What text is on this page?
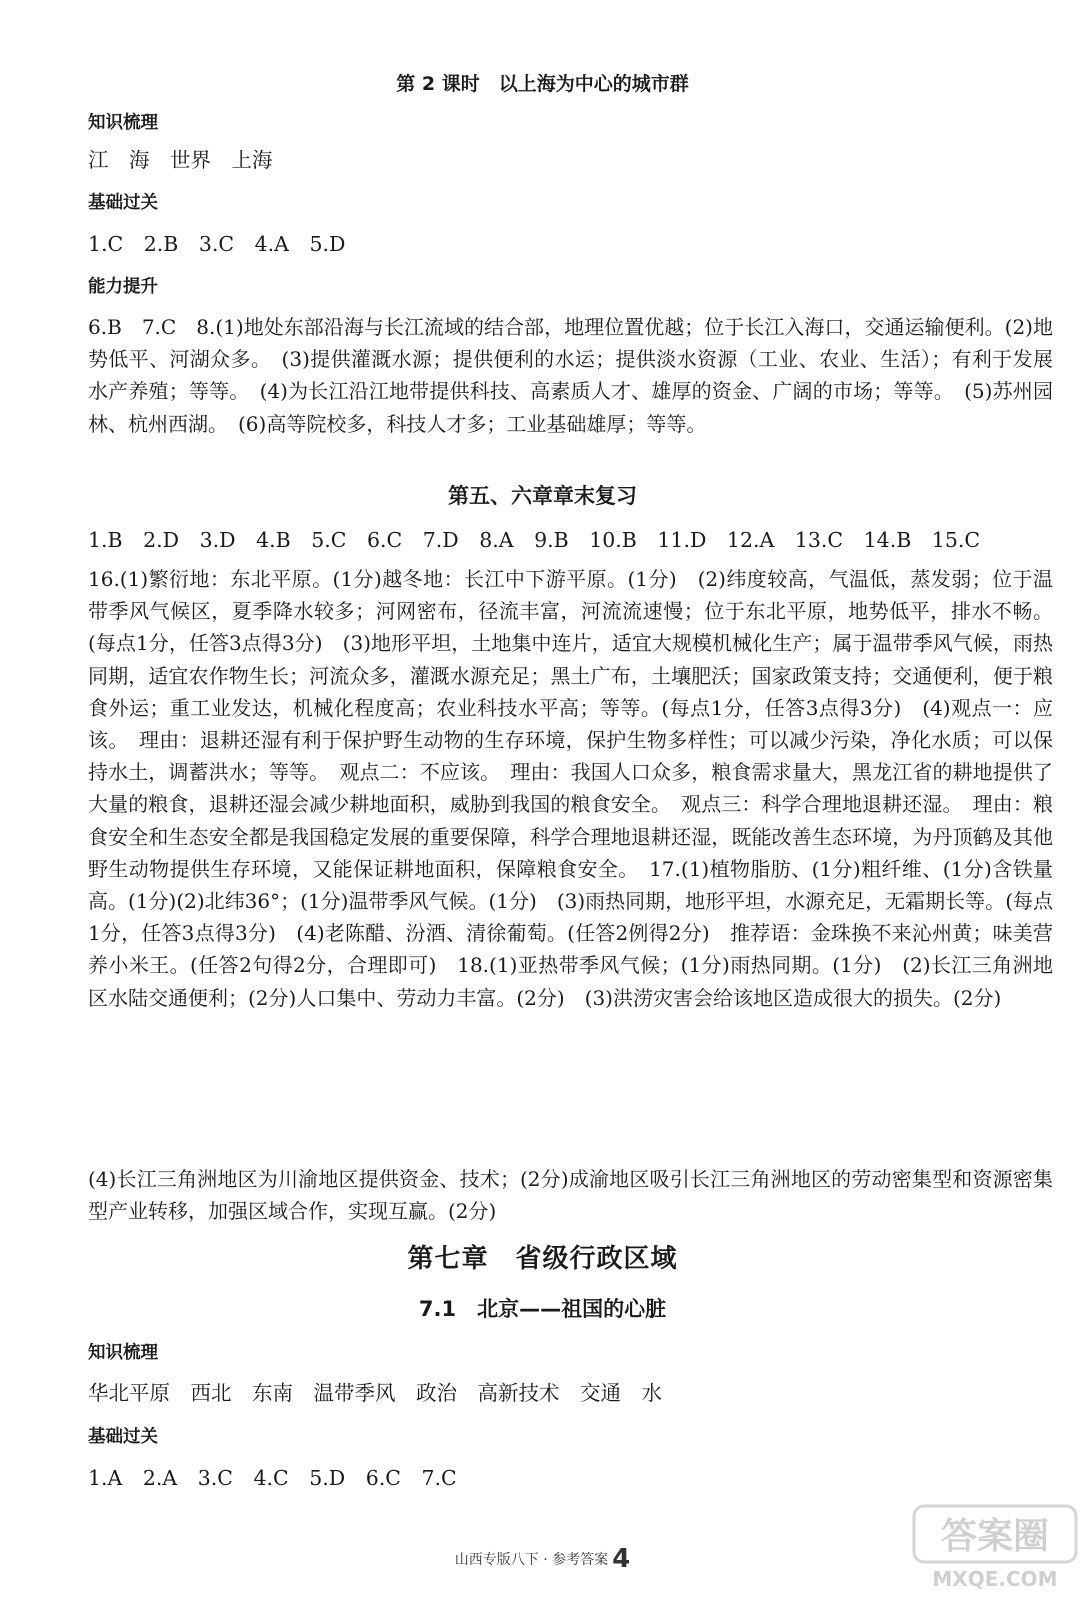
第 2 课时　以上海为中心的城市群
知识梳理
江　海　世界　上海
基础过关
1.C　2.B　3.C　4.A　5.D
能力提升
6.B　7.C　8.(1)地处东部沿海与长江流域的结合部，地理位置优越；位于长江入海口，交通运输便利。(2)地势低平、河湖众多。　(3)提供灌溉水源；提供便利的水运；提供淡水资源（工业、农业、生活）；有利于发展水产养殖；等等。　(4)为长江沿江地带提供科技、高素质人才、雄厚的资金、广阔的市场；等等。　(5)苏州园林、杭州西湖。　(6)高等院校多，科技人才多；工业基础雄厚；等等。
第五、六章章末复习
1.B　2.D　3.D　4.B　5.C　6.C　7.D　8.A　9.B　10.B　11.D　12.A　13.C　14.B　15.C
16.(1)繁衍地：东北平原。(1分)越冬地：长江中下游平原。(1分)　(2)纬度较高，气温低，蒸发弱；位于温带季风气候区，夏季降水较多；河网密布，径流丰富，河流流速慢；位于东北平原，地势低平，排水不畅。(每点1分，任答3点得3分)　(3)地形平坦，土地集中连片，适宜大规模机械化生产；属于温带季风气候，雨热同期，适宜农作物生长；河流众多，灌溉水源充足；黑土广布，土壤肥沃；国家政策支持；交通便利，便于粮食外运；重工业发达，机械化程度高；农业科技水平高；等等。(每点1分，任答3点得3分)　(4)观点一：应该。　理由：退耕还湿有利于保护野生动物的生存环境，保护生物多样性；可以减少污染，净化水质；可以保持水土，调蓄洪水；等等。　观点二：不应该。　理由：我国人口众多，粮食需求量大，黑龙江省的耕地提供了大量的粮食，退耕还湿会减少耕地面积，威胁到我国的粮食安全。　观点三：科学合理地退耕还湿。　理由：粮食安全和生态安全都是我国稳定发展的重要保障，科学合理地退耕还湿，既能改善生态环境，为丹顶鹤及其他野生动物提供生存环境，又能保证耕地面积，保障粮食安全。　17.(1)植物脂肪、(1分)粗纤维、(1分)含铁量高。(1分)(2)北纬36°；(1分)温带季风气候。(1分)　(3)雨热同期，地形平坦，水源充足，无霜期长等。(每点1分，任答3点得3分)　(4)老陈醋、汾酒、清徐葡萄。(任答2例得2分)　推荐语：金珠换不来沁州黄；味美营养小米王。(任答2句得2分，合理即可)　18.(1)亚热带季风气候；(1分)雨热同期。(1分)　(2)长江三角洲地区水陆交通便利；(2分)人口集中、劳动力丰富。(2分)　(3)洪涝灾害会给该地区造成很大的损失。(2分)
(4)长江三角洲地区为川渝地区提供资金、技术；(2分)成渝地区吸引长江三角洲地区的劳动密集型和资源密集型产业转移，加强区域合作，实现互赢。(2分)
第七章　省级行政区域
7.1　北京——祖国的心脏
知识梳理
华北平原　西北　东南　温带季风　政治　高新技术　交通　水
基础过关
1.A　2.A　3.C　4.C　5.D　6.C　7.C
山西专版八下 · 参考答案 4
答案圈
MXQE.COM
